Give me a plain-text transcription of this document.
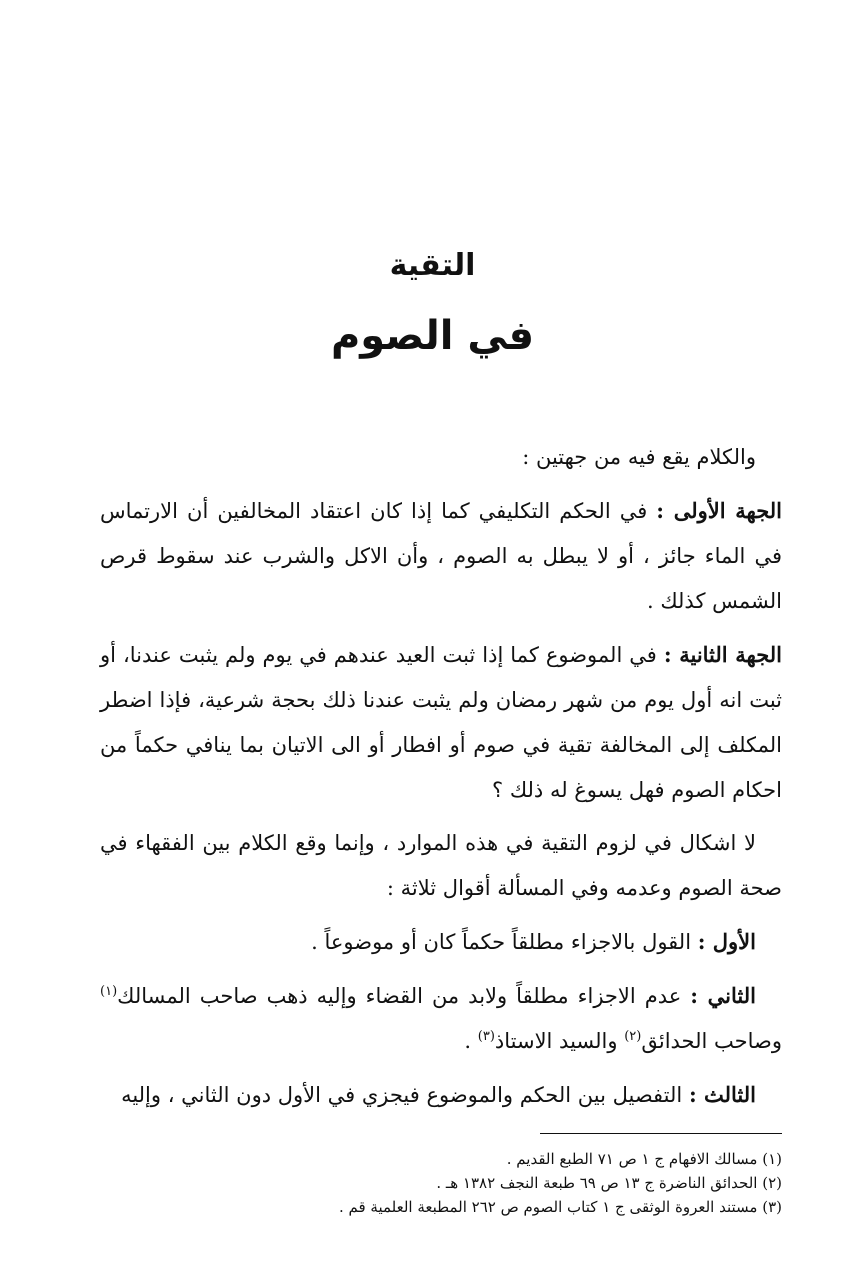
التقية
في الصوم

والكلام يقع فيه من جهتين :

الجهة الأولى : في الحكم التكليفي كما إذا كان اعتقاد المخالفين أن الارتماس في الماء جائز ، أو لا يبطل به الصوم ، وأن الاكل والشرب عند سقوط قرص الشمس كذلك .

الجهة الثانية : في الموضوع كما إذا ثبت العيد عندهم في يوم ولم يثبت عندنا، أو ثبت انه أول يوم من شهر رمضان ولم يثبت عندنا ذلك بحجة شرعية، فإذا اضطر المكلف إلى المخالفة تقية في صوم أو افطار أو الى الاتيان بما ينافي حكماً من احكام الصوم فهل يسوغ له ذلك ؟

لا اشكال في لزوم التقية في هذه الموارد ، وإنما وقع الكلام بين الفقهاء في صحة الصوم وعدمه وفي المسألة أقوال ثلاثة :

الأول : القول بالاجزاء مطلقاً حكماً كان أو موضوعاً .

الثاني : عدم الاجزاء مطلقاً ولابد من القضاء وإليه ذهب صاحب المسالك$^{(١)}$ وصاحب الحدائق$^{(٢)}$ والسيد الاستاذ$^{(٣)}$ .

الثالث : التفصيل بين الحكم والموضوع فيجزي في الأول دون الثاني ، وإليه

(١) مسالك الافهام ج ١ ص ٧١ الطبع القديم .

(٢) الحدائق الناضرة ج ١٣ ص ٦٩ طبعة النجف ١٣٨٢ هـ .

(٣) مستند العروة الوثقى ج ١ كتاب الصوم ص ٢٦٢ المطبعة العلمية قم .
